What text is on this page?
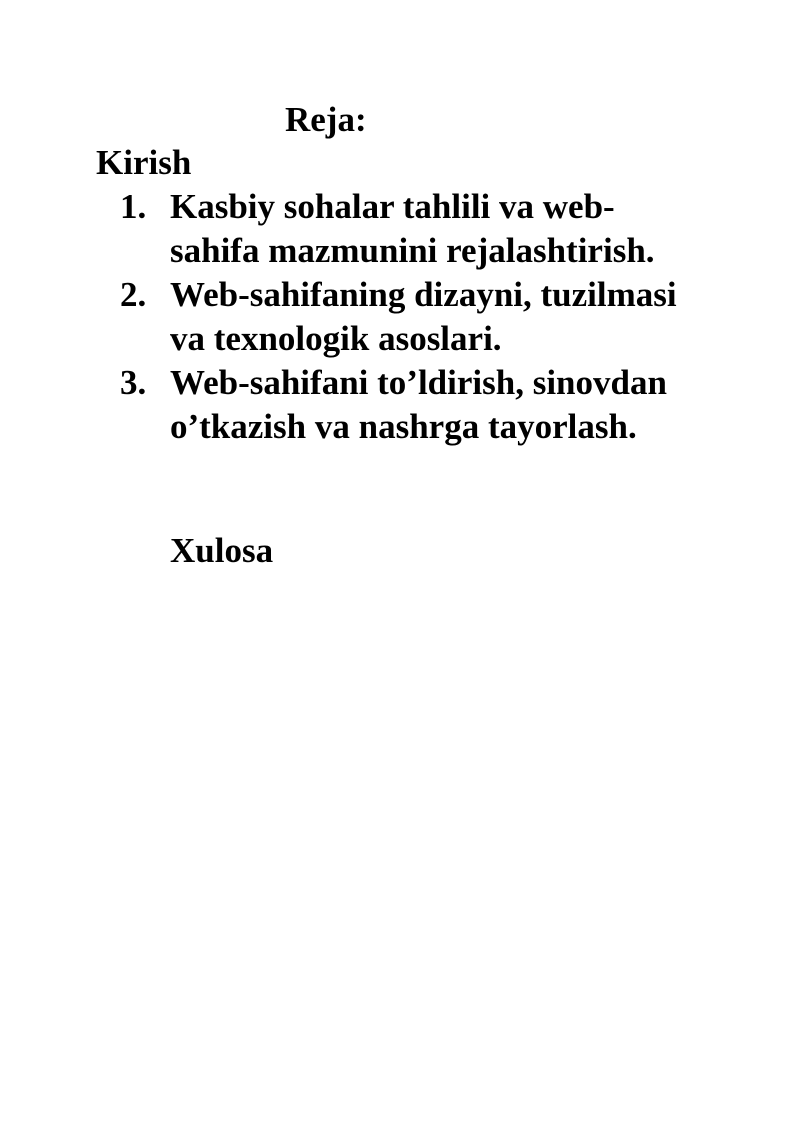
Reja:

Kirish

1. Kasbiy sohalar tahlili va web-sahifa mazmunini rejalashtirish.
2. Web-sahifaning dizayni, tuzilmasi va texnologik asoslari.
3. Web-sahifani to’ldirish, sinovdan o’tkazish va nashrga tayorlash.

Xulosa
